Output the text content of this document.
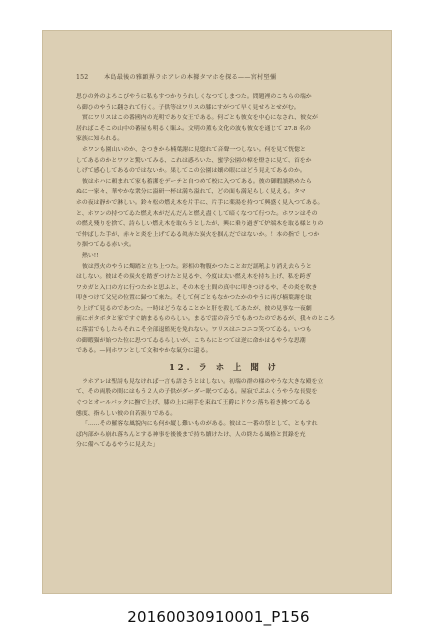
152	本島最後の雅顕界ラホアレの本據タマホを探る——宮村堅彌
思ひの外のよろこびやうに私もすつかりうれしくなつてしまつた。問題裡のこちらの端か
ら御ひのやうに翻されて行く。子供等はワリスの膝にすがつて早く見せろとせがむ。
實にワリスはこの番國内の光明であり女王である。何ごとも彼女を中心になされ、彼女が
居ればこそこの山中の蕃屋も明るく賑ふ。文明の薫も文化の波も彼女を通じて 27.8 名の
家族に知られる。
ホワンも園山いのか、さつきから楠葉謝に見惚れて音聲一つしない。何を見て恍惚と
してあるのかとワツと驚いてみる、これは惑ろいた、蜜学公園の樟を燈さに見て、首をか
しげて感心してあるのではないか。果してこの公園は嬢の眼にはどう見えてあるのか。
彼はホハに頼まれて家も蓄潔をデーテと自つめて校に入つてある。彼の御暇讀熟めたら
ぬに一家々、華やかな衆分に溢研一杯は満ち溢れて、どの面も満足らしく見える。タマ
ホの夜は靜かで淋しい。鈴々松の燃え木を片手に、片手に薬湯を持つて興盛く見入つてある。
と、ホワンの持つてゐた燃え木がだんだんと燃え盡くして暗くなつて行つた。ホワンはその
の燃え殘りを捨て、詩らしい燃え木を取らうとしたが、興に乗り過ぎて炉端木を取る様とりの
で仲ばした手が、赤々と炎を上げてゐる眞赤た炭火を掴んだではないか。！本の指で しつか
り掴つてゐる赤い火。
熱い!!
彼は烈火のやうに燭踏と立ち上つた。彩相の物腹かつたことおだ謡吼より消え去らうと
はしない。彼はその炭火を踏ぎつけたと見るや、今度は太い燃え木を持ち上げ、私を跨ぎ
ワカガと入口の方に行つたかと思ふと、その木を土間の真中に叩きつけるや、その炎を吹き
叩きつけて父兄の位置に歸つて來た。そして何ごともなかつたかのやうに再び楠葉謝を取
り上げて見るのであつた。一時はどうなることかと肝を殺してあたが、彼の見事な一夜劇
前にポタボタと家ですぐ納まるものらしい。まるで雷の音うでもあつたのであるが、我々のところ
に落雷でもしたらそれこそ全部退監死を免れない。ワリスはニコニコ笑つてゐる。いつも
の御暇猫が始つた位に思つてゐるらしいが、こちらにとつては逆に命かはるやうな思潮
である。—同ホワンとして文和やかな氣分に還る。
12. ラ ホ 上 聞 け
ラホアレは聖詩も見なければ一言も語さうとはしない。初端の群の様のやうな大きな殿を立
て、その両股の間にはもう２人の子供がダーダー眠つてゐる。屋寂でぷふくうやうな長髪を
ぐつとオールバックに撫で上げ、膝の上に兩手を束ねて王爵にドウシ落ち着き拂つてゐる
態度、指らしい彼の自若振りである。
「……その羅客な風貌內にも何か縦し難いものがある。彼はこ一番の祭として、ともすれ
ば内部から崩れ落ちんとする神事を後後まで持ち續けたけ、人の終たる風格と貫錄を充
分に備へてゐるやうに見えた」
20160030910001_P156
